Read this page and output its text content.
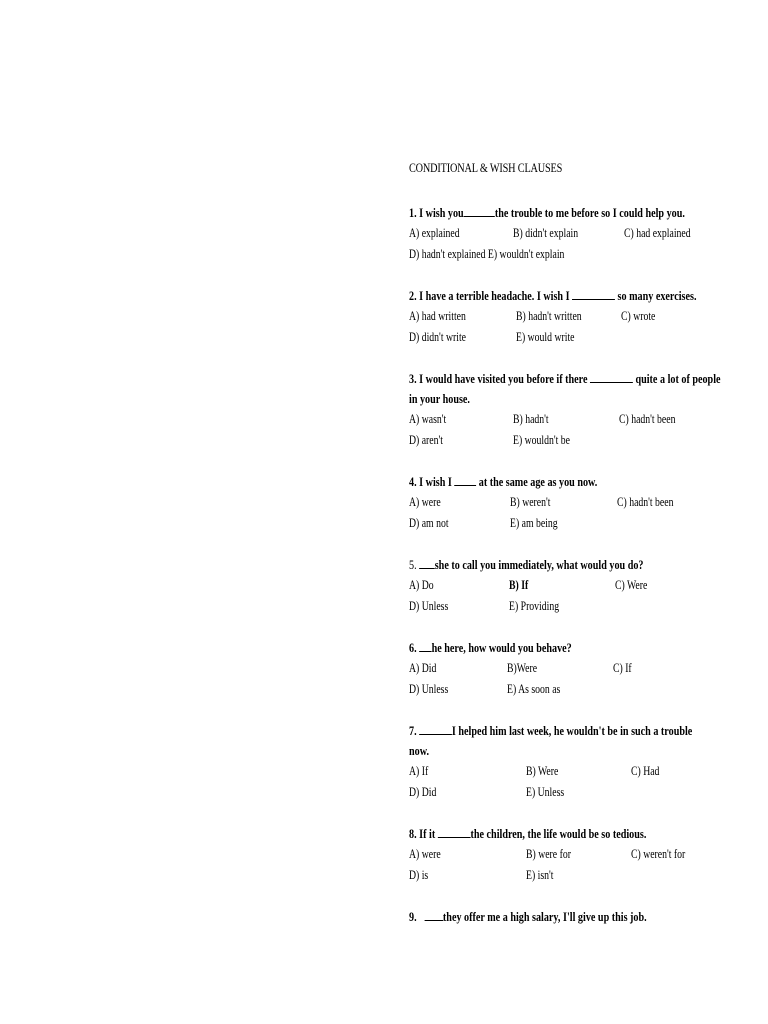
CONDITIONAL & WISH CLAUSES
1. I wish you the trouble to me before so I could help you.
A) explained	B) didn't explain	C) had explained
D) hadn't explained E) wouldn't explain
2. I have a terrible headache. I wish I	so many exercises.
A) had written	B) hadn't written	C) wrote
D) didn't write	E) would write
3. I would have visited you before if there	quite a lot of people
in your house.
A) wasn't	B) hadn't	C) hadn't been
D) aren't	E) wouldn't be
4. I wish I at the same age as you now.
A) were	B) weren't	C) hadn't been
D) am not	E) am being
5. she to call you immediately, what would you do?
A) Do	B) If	C) Were
D) Unless	E) Providing
6. he here, how would you behave?
A) Did	B)Were	C) If
D) Unless	E) As soon as
7.	I helped him last week, he wouldn't be in such a trouble
now.
A) If	B) Were	C) Had
D) Did	E) Unless
8. If it	the children, the life would be so tedious.
A) were	B) were for	C) weren't for
D) is	E) isn't
9. they offer me a high salary, I'll give up this job.
